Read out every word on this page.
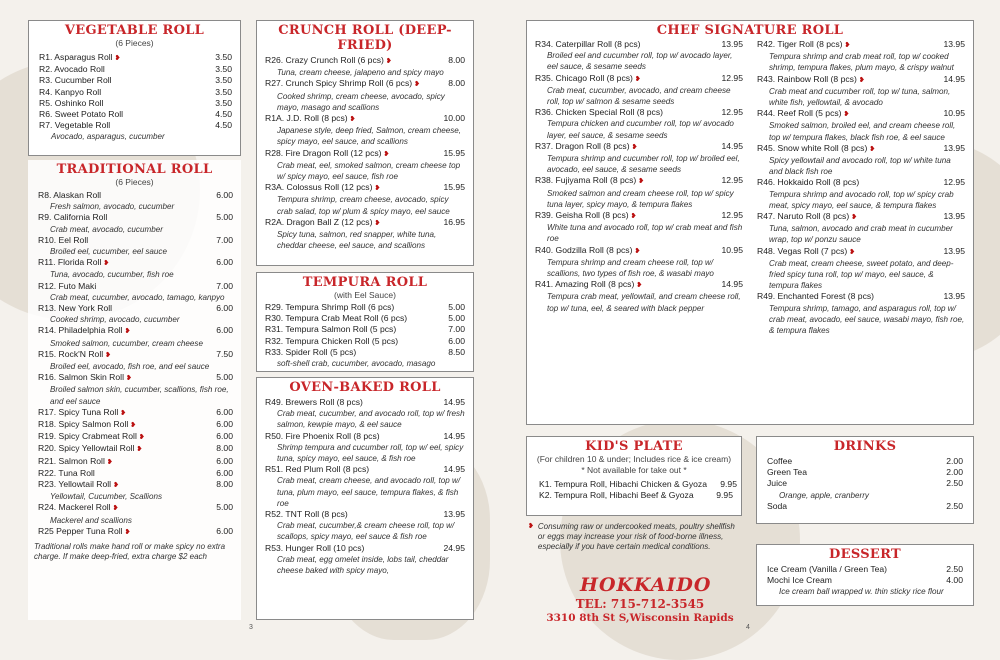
VEGETABLE ROLL
(6 Pieces)
R1. Asparagus Roll ❥	3.50
R2. Avocado Roll	3.50
R3. Cucumber Roll	3.50
R4. Kanpyo Roll	3.50
R5. Oshinko Roll	3.50
R6. Sweet Potato Roll	4.50
R7. Vegetable Roll	4.50
Avocado, asparagus, cucumber
TRADITIONAL ROLL
(6 Pieces)
R8. Alaskan Roll	6.00
Fresh salmon, avocado, cucumber
R9. California Roll	5.00
Crab meat, avocado, cucumber
R10. Eel Roll	7.00
Broiled eel, cucumber, eel sauce
R11. Florida Roll ❥	6.00
Tuna, avocado, cucumber, fish roe
R12. Futo Maki	7.00
Crab meat, cucumber, avocado, tamago, kanpyo
R13. New York Roll	6.00
Cooked shrimp, avocado, cucumber
R14. Philadelphia Roll ❥	6.00
Smoked salmon, cucumber, cream cheese
R15. Rock'N Roll ❥	7.50
Broiled eel, avocado, fish roe, and eel sauce
R16. Salmon Skin Roll ❥	5.00
Broiled salmon skin, cucumber, scallions, fish roe, and eel sauce
R17. Spicy Tuna Roll ❥	6.00
R18. Spicy Salmon Roll ❥	6.00
R19. Spicy Crabmeat Roll ❥	6.00
R20. Spicy Yellowtail Roll ❥	8.00
R21. Salmon Roll ❥	6.00
R22. Tuna Roll	6.00
R23. Yellowtail Roll ❥	8.00
Yellowtail, Cucumber, Scallions
R24. Mackerel Roll ❥	5.00
Mackerel and scallions
R25 Pepper Tuna Roll ❥	6.00
Traditional rolls make hand roll or make spicy no extra charge. If make deep-fried, extra charge $2 each
CRUNCH ROLL (DEEP-FRIED)
R26. Crazy Crunch Roll (6 pcs) ❥	8.00
Tuna, cream cheese, jalapeno and spicy mayo
R27. Crunch Spicy Shrimp Roll (6 pcs) ❥	8.00
Cooked shrimp, cream cheese, avocado, spicy mayo, masago and scallions
R1A. J.D. Roll (8 pcs) ❥	10.00
Japanese style, deep fried, Salmon, cream cheese, spicy mayo, eel sauce, and scallions
R28. Fire Dragon Roll (12 pcs) ❥	15.95
Crab meat, eel, smoked salmon, cream cheese top w/ spicy mayo, eel sauce, fish roe
R3A. Colossus Roll (12 pcs) ❥	15.95
Tempura shrimp, cream cheese, avocado, spicy crab salad, top w/ plum & spicy mayo, eel sauce
R2A. Dragon Ball Z (12 pcs) ❥	16.95
Spicy tuna, salmon, red snapper, white tuna, cheddar cheese, eel sauce, and scallions
TEMPURA ROLL
(with Eel Sauce)
R29. Tempura Shrimp Roll (6 pcs)	5.00
R30. Tempura Crab Meat Roll (6 pcs)	5.00
R31. Tempura Salmon Roll (5 pcs)	7.00
R32. Tempura Chicken Roll (5 pcs)	6.00
R33. Spider Roll (5 pcs)	8.50
soft-shell crab, cucumber, avocado, masago
OVEN-BAKED ROLL
R49. Brewers Roll (8 pcs)	14.95
Crab meat, cucumber, and avocado roll, top w/ fresh salmon, kewpie mayo, & eel sauce
R50. Fire Phoenix Roll (8 pcs)	14.95
Shrimp tempura and cucumber roll, top w/ eel, spicy tuna, spicy mayo, eel sauce, & fish roe
R51. Red Plum Roll (8 pcs)	14.95
Crab meat, cream cheese, and avocado roll, top w/ tuna, plum mayo, eel sauce, tempura flakes, & fish roe
R52. TNT Roll (8 pcs)	13.95
Crab meat, cucumber,& cream cheese roll, top w/ scallops, spicy mayo, eel sauce & fish roe
R53. Hunger Roll (10 pcs)	24.95
Crab meat, egg omelet inside, lobs tail, cheddar cheese baked with spicy mayo,
3
CHEF SIGNATURE ROLL
R34. Caterpillar Roll (8 pcs)	13.95
Broiled eel and cucumber roll, top w/ avocado layer, eel sauce, & sesame seeds
R35. Chicago Roll (8 pcs) ❥	12.95
Crab meat, cucumber, avocado, and cream cheese roll, top w/ salmon & sesame seeds
R36. Chicken Special Roll (8 pcs)	12.95
Tempura chicken and cucumber roll, top w/ avocado layer, eel sauce, & sesame seeds
R37. Dragon Roll (8 pcs) ❥	14.95
Tempura shrimp and cucumber roll, top w/ broiled eel, avocado, eel sauce, & sesame seeds
R38. Fujiyama Roll (8 pcs) ❥	12.95
Smoked salmon and cream cheese roll, top w/ spicy tuna layer, spicy mayo, & tempura flakes
R39. Geisha Roll (8 pcs) ❥	12.95
White tuna and avocado roll, top w/ crab meat and fish roe
R40. Godzilla Roll (8 pcs) ❥	10.95
Tempura shrimp and cream cheese roll, top w/ scallions, two types of fish roe, & wasabi mayo
R41. Amazing Roll (8 pcs) ❥	14.95
Tempura crab meat, yellowtail, and cream cheese roll, top w/ tuna, eel, & seared with black pepper
R42. Tiger Roll (8 pcs) ❥	13.95
Tempura shrimp and crab meat roll, top w/ cooked shrimp, tempura flakes, plum mayo, & crispy walnut
R43. Rainbow Roll (8 pcs) ❥	14.95
Crab meat and cucumber roll, top w/ tuna, salmon, white fish, yellowtail, & avocado
R44. Reef Roll (5 pcs) ❥	10.95
Smoked salmon, broiled eel, and cream cheese roll, top w/ tempura flakes, black fish roe, & eel sauce
R45. Snow white Roll (8 pcs) ❥	13.95
Spicy yellowtail and avocado roll, top w/ white tuna and black fish roe
R46. Hokkaido Roll (8 pcs)	12.95
Tempura shrimp and avocado roll, top w/ spicy crab meat, spicy mayo, eel sauce, & tempura flakes
R47. Naruto Roll (8 pcs) ❥	13.95
Tuna, salmon, avocado and crab meat in cucumber wrap, top w/ ponzu sauce
R48. Vegas Roll (7 pcs) ❥	13.95
Crab meat, cream cheese, sweet potato, and deep-fried spicy tuna roll, top w/ mayo, eel sauce, & tempura flakes
R49. Enchanted Forest (8 pcs)	13.95
Tempura shrimp, tamago, and asparagus roll, top w/ crab meat, avocado, eel sauce, wasabi mayo, fish roe, & tempura flakes
KID'S PLATE
(For children 10 & under; Includes rice & ice cream)
* Not available for take out *
K1. Tempura Roll, Hibachi Chicken & Gyoza	9.95
K2. Tempura Roll, Hibachi Beef & Gyoza	9.95
❥ Consuming raw or undercooked meats, poultry shellfish or eggs may increase your risk of food-borne illness, especially if you have certain medical conditions.
HOKKAIDO
TEL: 715-712-3545
3310 8th St S,Wisconsin Rapids
DRINKS
Coffee	2.00
Green Tea	2.00
Juice	2.50
Orange, apple, cranberry
Soda	2.50
DESSERT
Ice Cream (Vanilla / Green Tea)	2.50
Mochi Ice Cream	4.00
Ice cream ball wrapped w. thin sticky rice flour
4
